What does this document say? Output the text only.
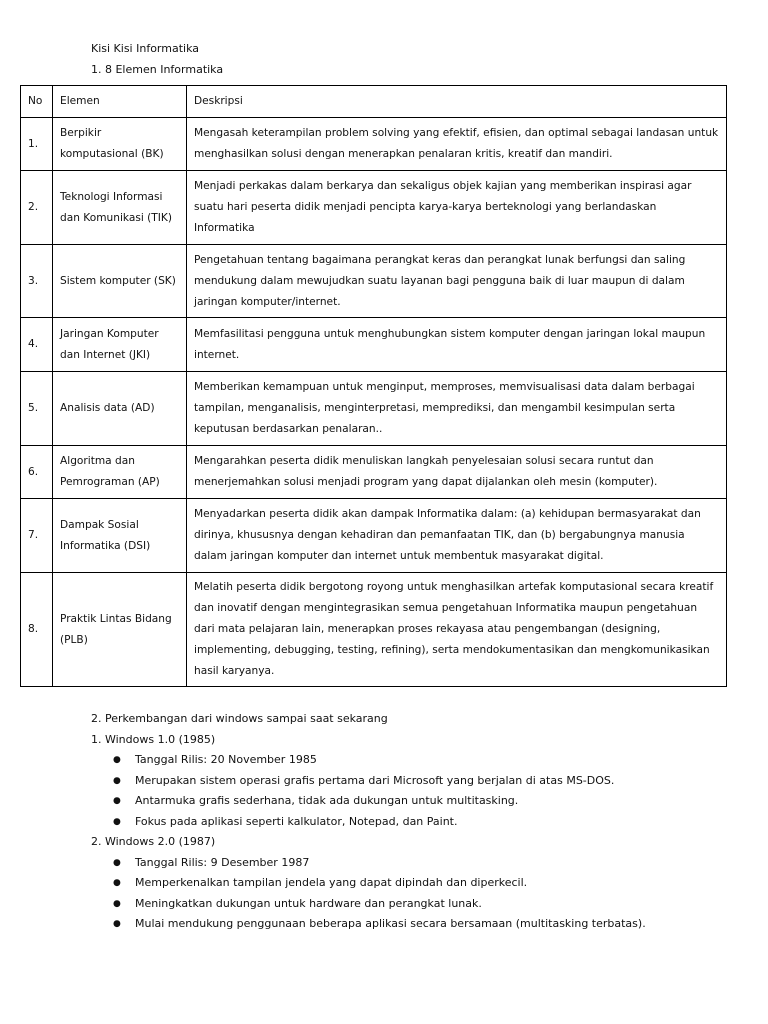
Kisi Kisi Informatika
1. 8 Elemen Informatika
No	Elemen	Deskripsi
1.	Berpikir komputasional (BK)	Mengasah keterampilan problem solving yang efektif, efisien, dan optimal sebagai landasan untuk menghasilkan solusi dengan menerapkan penalaran kritis, kreatif dan mandiri.
2.	Teknologi Informasi dan Komunikasi (TIK)	Menjadi perkakas dalam berkarya dan sekaligus objek kajian yang memberikan inspirasi agar suatu hari peserta didik menjadi pencipta karya-karya berteknologi yang berlandaskan Informatika
3.	Sistem komputer (SK)	Pengetahuan tentang bagaimana perangkat keras dan perangkat lunak berfungsi dan saling mendukung dalam mewujudkan suatu layanan bagi pengguna baik di luar maupun di dalam jaringan komputer/internet.
4.	Jaringan Komputer dan Internet (JKI)	Memfasilitasi pengguna untuk menghubungkan sistem komputer dengan jaringan lokal maupun internet.
5.	Analisis data (AD)	Memberikan kemampuan untuk menginput, memproses, memvisualisasi data dalam berbagai tampilan, menganalisis, menginterpretasi, memprediksi, dan mengambil kesimpulan serta keputusan berdasarkan penalaran..
6.	Algoritma dan Pemrograman (AP)	Mengarahkan peserta didik menuliskan langkah penyelesaian solusi secara runtut dan menerjemahkan solusi menjadi program yang dapat dijalankan oleh mesin (komputer).
7.	Dampak Sosial Informatika (DSI)	Menyadarkan peserta didik akan dampak Informatika dalam: (a) kehidupan bermasyarakat dan dirinya, khususnya dengan kehadiran dan pemanfaatan TIK, dan (b) bergabungnya manusia dalam jaringan komputer dan internet untuk membentuk masyarakat digital.
8.	Praktik Lintas Bidang (PLB)	Melatih peserta didik bergotong royong untuk menghasilkan artefak komputasional secara kreatif dan inovatif dengan mengintegrasikan semua pengetahuan Informatika maupun pengetahuan dari mata pelajaran lain, menerapkan proses rekayasa atau pengembangan (designing, implementing, debugging, testing, refining), serta mendokumentasikan dan mengkomunikasikan hasil karyanya.
2. Perkembangan dari windows sampai saat sekarang
1. Windows 1.0 (1985)
● Tanggal Rilis: 20 November 1985
● Merupakan sistem operasi grafis pertama dari Microsoft yang berjalan di atas MS-DOS.
● Antarmuka grafis sederhana, tidak ada dukungan untuk multitasking.
● Fokus pada aplikasi seperti kalkulator, Notepad, dan Paint.
2. Windows 2.0 (1987)
● Tanggal Rilis: 9 Desember 1987
● Memperkenalkan tampilan jendela yang dapat dipindah dan diperkecil.
● Meningkatkan dukungan untuk hardware dan perangkat lunak.
● Mulai mendukung penggunaan beberapa aplikasi secara bersamaan (multitasking terbatas).
